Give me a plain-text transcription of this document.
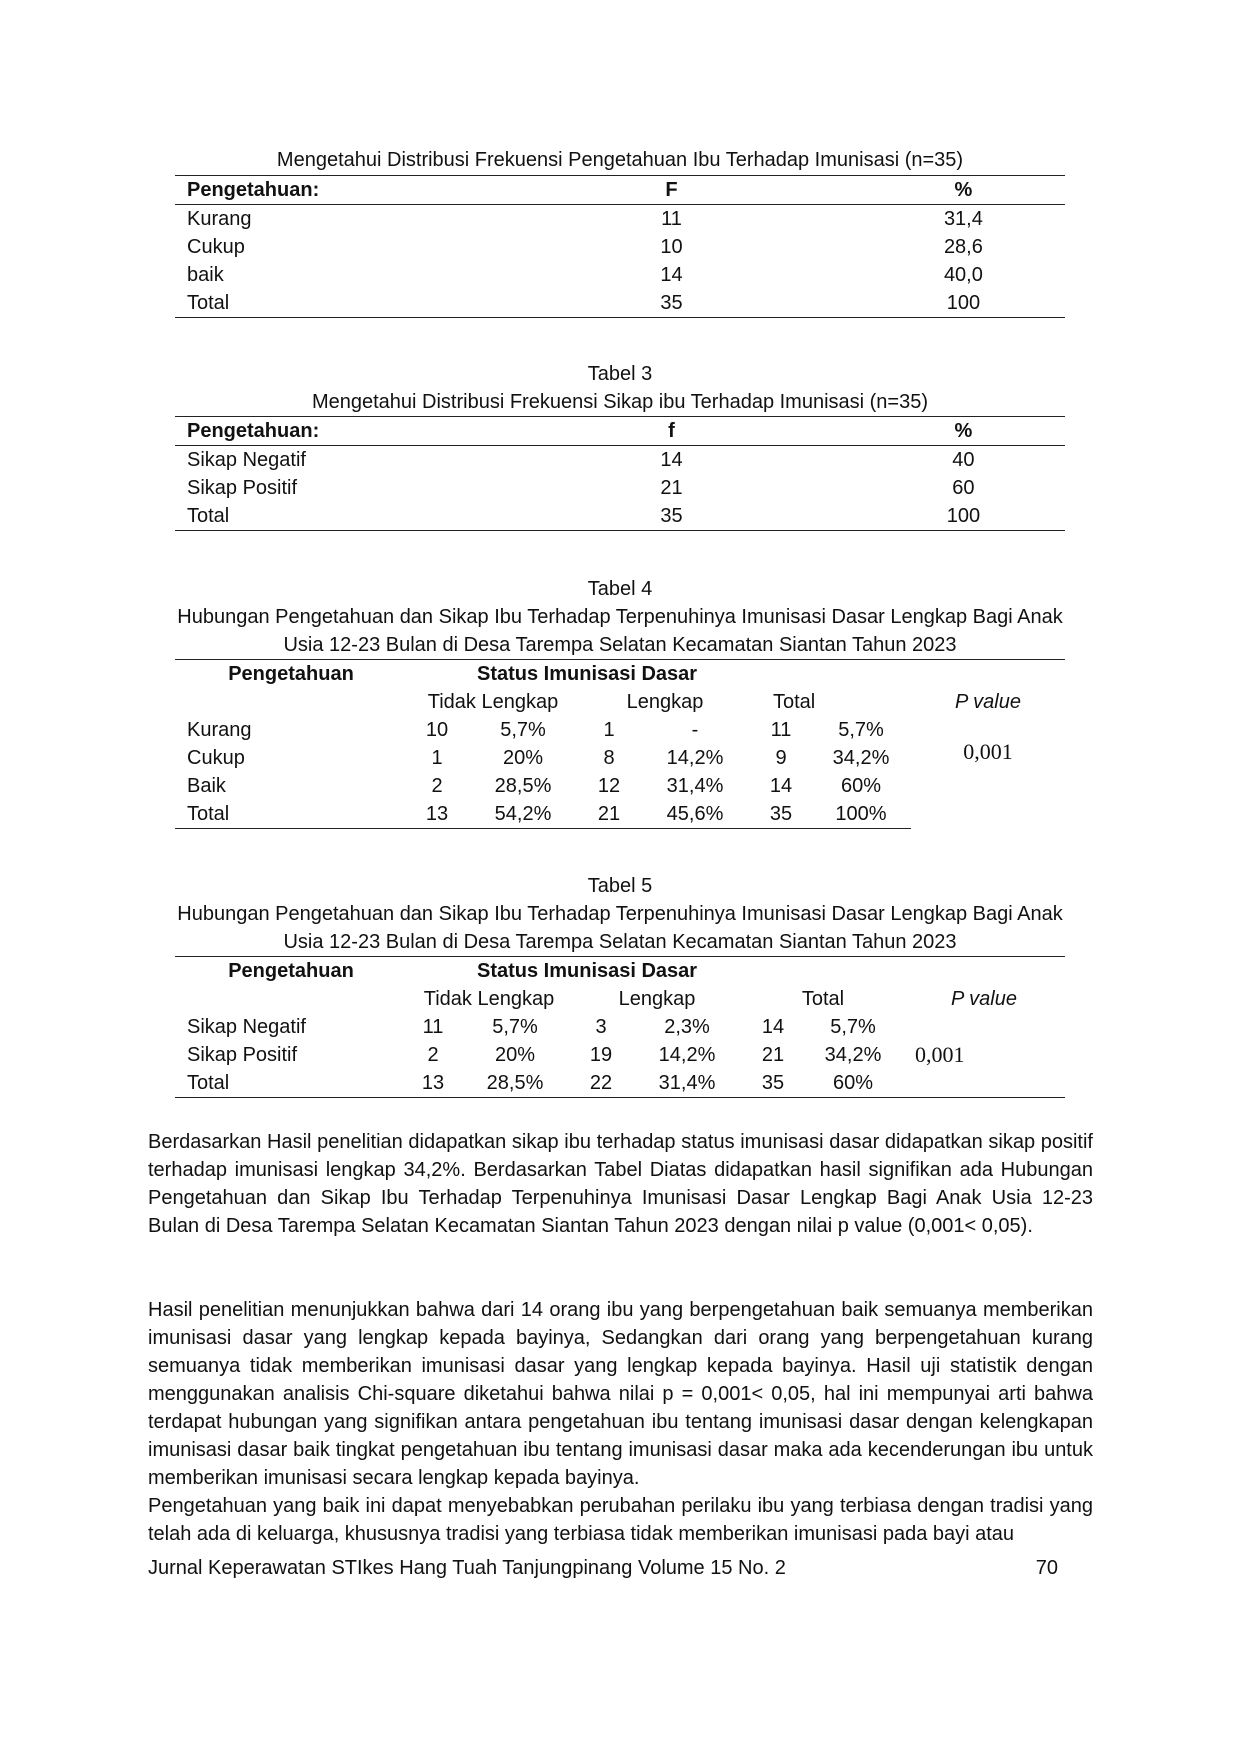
Mengetahui Distribusi Frekuensi Pengetahuan Ibu Terhadap Imunisasi (n=35)
Pengetahuan:	F	%
Kurang	11	31,4
Cukup	10	28,6
baik	14	40,0
Total	35	100
Tabel 3
Mengetahui Distribusi Frekuensi Sikap ibu Terhadap Imunisasi (n=35)
Pengetahuan:	f	%
Sikap Negatif	14	40
Sikap Positif	21	60
Total	35	100
Tabel 4
Hubungan Pengetahuan dan Sikap Ibu Terhadap Terpenuhinya Imunisasi Dasar Lengkap Bagi Anak
Usia 12-23 Bulan di Desa Tarempa Selatan Kecamatan Siantan Tahun 2023
Pengetahuan	Status Imunisasi Dasar						
	Tidak Lengkap		Lengkap		Total		P value
Kurang	10	5,7%	1	-	11	5,7%	0,001
Cukup	1	20%	8	14,2%	9	34,2%	
Baik	2	28,5%	12	31,4%	14	60%	
Total	13	54,2%	21	45,6%	35	100%	
Tabel 5
Hubungan Pengetahuan dan Sikap Ibu Terhadap Terpenuhinya Imunisasi Dasar Lengkap Bagi Anak
Usia 12-23 Bulan di Desa Tarempa Selatan Kecamatan Siantan Tahun 2023
Pengetahuan	Status Imunisasi Dasar						
	Tidak Lengkap		Lengkap		Total		P value
Sikap Negatif	11	5,7%	3	2,3%	14	5,7%	0,001
Sikap Positif	2	20%	19	14,2%	21	34,2%	
Total	13	28,5%	22	31,4%	35	60%	
Berdasarkan Hasil penelitian didapatkan sikap ibu terhadap status imunisasi dasar didapatkan sikap positif terhadap imunisasi lengkap 34,2%. Berdasarkan Tabel Diatas didapatkan hasil signifikan ada Hubungan Pengetahuan dan Sikap Ibu Terhadap Terpenuhinya Imunisasi Dasar Lengkap Bagi Anak Usia 12-23 Bulan di Desa Tarempa Selatan Kecamatan Siantan Tahun 2023 dengan nilai p value (0,001< 0,05).
Hasil penelitian menunjukkan bahwa dari 14 orang ibu yang berpengetahuan baik semuanya memberikan imunisasi dasar yang lengkap kepada bayinya, Sedangkan dari orang yang berpengetahuan kurang semuanya tidak memberikan imunisasi dasar yang lengkap kepada bayinya. Hasil uji statistik dengan menggunakan analisis Chi-square diketahui bahwa nilai p = 0,001< 0,05, hal ini mempunyai arti bahwa terdapat hubungan yang signifikan antara pengetahuan ibu tentang imunisasi dasar dengan kelengkapan imunisasi dasar baik tingkat pengetahuan ibu tentang imunisasi dasar maka ada kecenderungan ibu untuk memberikan imunisasi secara lengkap kepada bayinya.
Pengetahuan yang baik ini dapat menyebabkan perubahan perilaku ibu yang terbiasa dengan tradisi yang telah ada di keluarga, khususnya tradisi yang terbiasa tidak memberikan imunisasi pada bayi atau
Jurnal Keperawatan STIkes Hang Tuah Tanjungpinang Volume 15 No. 2	70
